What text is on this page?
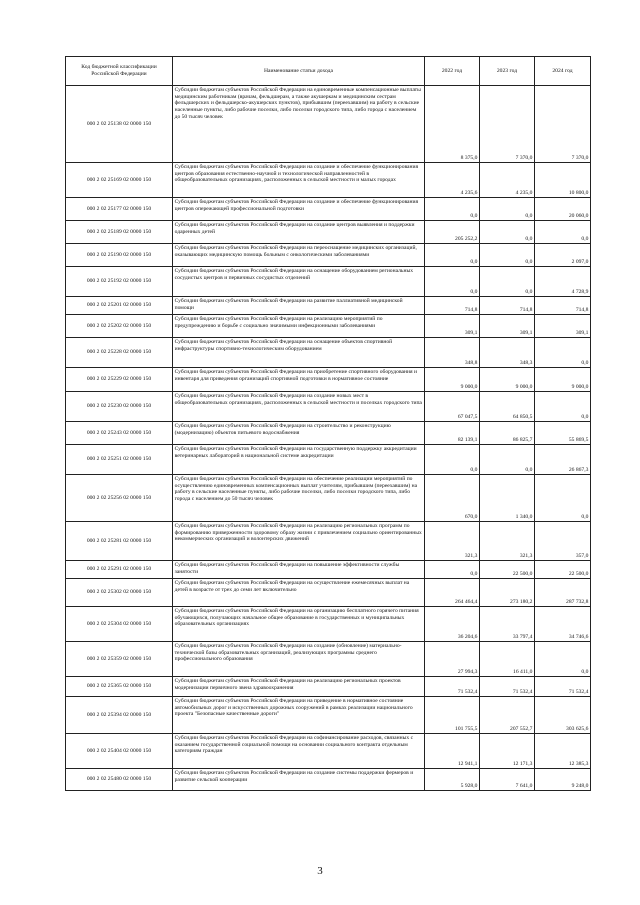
Код бюджетной классификации Российской Федерации	Наименование статьи дохода	2022 год	2023 год	2024 год
000 2 02 25138 02 0000 150	Субсидии бюджетам субъектов Российской Федерации на единовременные компенсационные выплаты медицинским работникам (врачам, фельдшерам, а также акушеркам и медицинским сестрам фельдшерских и фельдшерско-акушерских пунктов), прибывшим (переехавшим) на работу в сельские населенные пункты, либо рабочие поселки, либо поселки городского типа, либо города с населением до 50 тысяч человек	8 375,0	7 370,0	7 370,0
000 2 02 25169 02 0000 150	Субсидии бюджетам субъектов Российской Федерации на создание и обеспечение функционирования центров образования естественно-научной и технологической направленностей в общеобразовательных организациях, расположенных в сельской местности и малых городах	4 235,6	4 235,0	10 800,0
000 2 02 25177 02 0000 150	Субсидии бюджетам субъектов Российской Федерации на создание и обеспечение функционирования центров опережающей профессиональной подготовки	0,0	0,0	20 060,0
000 2 02 25189 02 0000 150	Субсидии бюджетам субъектов Российской Федерации на создание центров выявления и поддержки одаренных детей	205 252,2	0,0	0,0
000 2 02 25190 02 0000 150	Субсидии бюджетам субъектов Российской Федерации на переоснащение медицинских организаций, оказывающих медицинскую помощь больным с онкологическими заболеваниями	0,0	0,0	2 097,0
000 2 02 25192 02 0000 150	Субсидии бюджетам субъектов Российской Федерации на оснащение оборудованием региональных сосудистых центров и первичных сосудистых отделений	0,0	0,0	4 728,9
000 2 02 25201 02 0000 150	Субсидии бюджетам субъектов Российской Федерации на развитие паллиативной медицинской помощи	714,8	714,8	714,8
000 2 02 25202 02 0000 150	Субсидии бюджетам субъектов Российской Федерации на реализацию мероприятий по предупреждению и борьбе с социально значимыми инфекционными заболеваниями	309,1	309,1	309,1
000 2 02 25228 02 0000 150	Субсидии бюджетам субъектов Российской Федерации на оснащение объектов спортивной инфраструктуры спортивно-технологическим оборудованием	348,8	348,3	0,0
000 2 02 25229 02 0000 150	Субсидии бюджетам субъектов Российской Федерации на приобретение спортивного оборудования и инвентаря для приведения организаций спортивной подготовки в нормативное состояние	9 000,0	9 000,0	9 000,0
000 2 02 25230 02 0000 150	Субсидии бюджетам субъектов Российской Федерации на создание новых мест в общеобразовательных организациях, расположенных в сельской местности и поселках городского типа	67 047,5	64 850,5	0,0
000 2 02 25243 02 0000 150	Субсидии бюджетам субъектов Российской Федерации на строительство и реконструкцию (модернизацию) объектов питьевого водоснабжения	82 139,1	86 825,7	55 869,5
000 2 02 25251 02 0000 150	Субсидии бюджетам субъектов Российской Федерации на государственную поддержку аккредитации ветеринарных лабораторий в национальной системе аккредитации	0,0	0,0	26 867,3
000 2 02 25256 02 0000 150	Субсидии бюджетам субъектов Российской Федерации на обеспечение реализации мероприятий по осуществлению единовременных компенсационных выплат учителям, прибывшим (переехавшим) на работу в сельские населенные пункты, либо рабочие поселки, либо поселки городского типа, либо города с населением до 50 тысяч человек	670,0	1 340,0	0,0
000 2 02 25281 02 0000 150	Субсидии бюджетам субъектов Российской Федерации на реализацию региональных программ по формированию приверженности здоровому образу жизни с привлечением социально ориентированных некоммерческих организаций и волонтерских движений	321,3	321,3	357,0
000 2 02 25291 02 0000 150	Субсидии бюджетам субъектов Российской Федерации на повышение эффективности службы занятости	0,0	22 500,0	22 500,0
000 2 02 25302 02 0000 150	Субсидии бюджетам субъектов Российской Федерации на осуществление ежемесячных выплат на детей в возрасте от трех до семи лет включительно	264 464,4	273 180,2	287 732,8
000 2 02 25304 02 0000 150	Субсидии бюджетам субъектов Российской Федерации на организацию бесплатного горячего питания обучающихся, получающих начальное общее образование в государственных и муниципальных образовательных организациях	36 204,6	33 797,4	34 746,6
000 2 02 25359 02 0000 150	Субсидии бюджетам субъектов Российской Федерации на создание (обновление) материально-технической базы образовательных организаций, реализующих программы среднего профессионального образования	27 994,3	16 411,0	0,0
000 2 02 25365 02 0000 150	Субсидии бюджетам субъектов Российской Федерации на реализацию региональных проектов модернизации первичного звена здравоохранения	71 532,4	71 532,4	71 532,4
000 2 02 25394 02 0000 150	Субсидии бюджетам субъектов Российской Федерации на приведение в нормативное состояние автомобильных дорог и искусственных дорожных сооружений в рамках реализации национального проекта "Безопасные качественные дороги"	101 755,5	207 552,7	303 625,6
000 2 02 25404 02 0000 150	Субсидии бюджетам субъектов Российской Федерации на софинансирование расходов, связанных с оказанием государственной социальной помощи на основании социального контракта отдельным категориям граждан	12 941,1	12 171,3	12 385,3
000 2 02 25480 02 0000 150	Субсидии бюджетам субъектов Российской Федерации на создание системы поддержки фермеров и развитие сельской кооперации	5 928,0	7 641,0	9 248,0
3
